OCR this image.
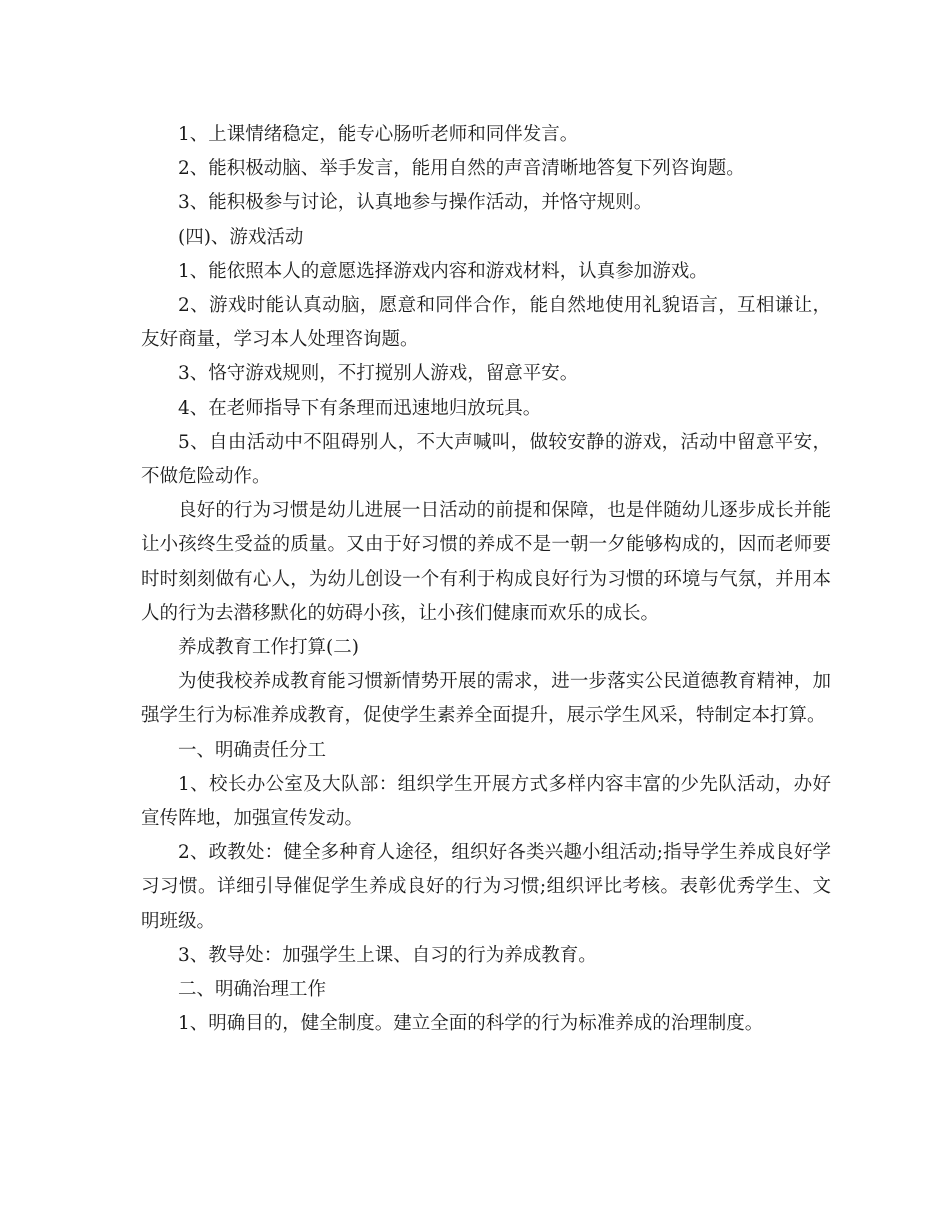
1、上课情绪稳定，能专心肠听老师和同伴发言。

2、能积极动脑、举手发言，能用自然的声音清晰地答复下列咨询题。

3、能积极参与讨论，认真地参与操作活动，并恪守规则。

(四)、游戏活动

1、能依照本人的意愿选择游戏内容和游戏材料，认真参加游戏。

2、游戏时能认真动脑，愿意和同伴合作，能自然地使用礼貌语言，互相谦让，友好商量，学习本人处理咨询题。

3、恪守游戏规则，不打搅别人游戏，留意平安。

4、在老师指导下有条理而迅速地归放玩具。

5、自由活动中不阻碍别人，不大声喊叫，做较安静的游戏，活动中留意平安，不做危险动作。

良好的行为习惯是幼儿进展一日活动的前提和保障，也是伴随幼儿逐步成长并能让小孩终生受益的质量。又由于好习惯的养成不是一朝一夕能够构成的，因而老师要时时刻刻做有心人，为幼儿创设一个有利于构成良好行为习惯的环境与气氛，并用本人的行为去潜移默化的妨碍小孩，让小孩们健康而欢乐的成长。

养成教育工作打算(二)

为使我校养成教育能习惯新情势开展的需求，进一步落实公民道德教育精神，加强学生行为标准养成教育，促使学生素养全面提升，展示学生风采，特制定本打算。

一、明确责任分工

1、校长办公室及大队部：组织学生开展方式多样内容丰富的少先队活动，办好宣传阵地，加强宣传发动。

2、政教处：健全多种育人途径，组织好各类兴趣小组活动;指导学生养成良好学习习惯。详细引导催促学生养成良好的行为习惯;组织评比考核。表彰优秀学生、文明班级。

3、教导处：加强学生上课、自习的行为养成教育。

二、明确治理工作

1、明确目的，健全制度。建立全面的科学的行为标准养成的治理制度。
